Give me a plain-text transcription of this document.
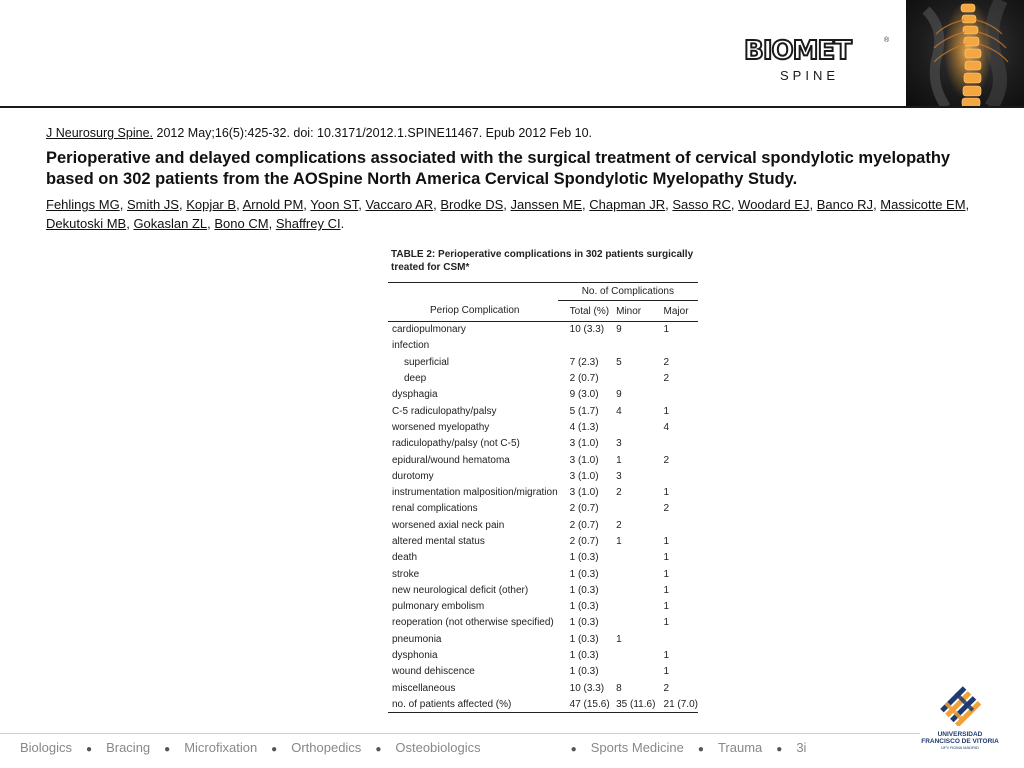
BIOMET	®
SPINE
J Neurosurg Spine. 2012 May;16(5):425-32. doi: 10.3171/2012.1.SPINE11467. Epub 2012 Feb 10.
Perioperative and delayed complications associated with the surgical treatment of cervical spondylotic myelopathy based on 302 patients from the AOSpine North America Cervical Spondylotic Myelopathy Study.
Fehlings MG, Smith JS, Kopjar B, Arnold PM, Yoon ST, Vaccaro AR, Brodke DS, Janssen ME, Chapman JR, Sasso RC, Woodard EJ, Banco RJ, Massicotte EM, Dekutoski MB, Gokaslan ZL, Bono CM, Shaffrey CI.

TABLE 2: Perioperative complications in 302 patients surgically treated for CSM*

	No. of Complications		
Periop Complication	Total (%)	Minor	Major
cardiopulmonary	10 (3.3)	9	1
infection			
superficial	7 (2.3)	5	2
deep	2 (0.7)		2
dysphagia	9 (3.0)	9	
C-5 radiculopathy/palsy	5 (1.7)	4	1
worsened myelopathy	4 (1.3)		4
radiculopathy/palsy (not C-5)	3 (1.0)	3	
epidural/wound hematoma	3 (1.0)	1	2
durotomy	3 (1.0)	3	
instrumentation malposition/migration	3 (1.0)	2	1
renal complications	2 (0.7)		2
worsened axial neck pain	2 (0.7)	2	
altered mental status	2 (0.7)	1	1
death	1 (0.3)		1
stroke	1 (0.3)		1
new neurological deficit (other)	1 (0.3)		1
pulmonary embolism	1 (0.3)		1
reoperation (not otherwise specified)	1 (0.3)		1
pneumonia	1 (0.3)	1	
dysphonia	1 (0.3)		1
wound dehiscence	1 (0.3)		1
miscellaneous	10 (3.3)	8	2
no. of patients affected (%)	47 (15.6)	35 (11.6)	21 (7.0)
Biologics ● Bracing ● Microfixation ● Orthopedics ● Osteobiologics	● Sports Medicine ● Trauma ● 3i
UNIVERSIDAD
FRANCISCO DE VITORIA
UFV ROMA MADRID
